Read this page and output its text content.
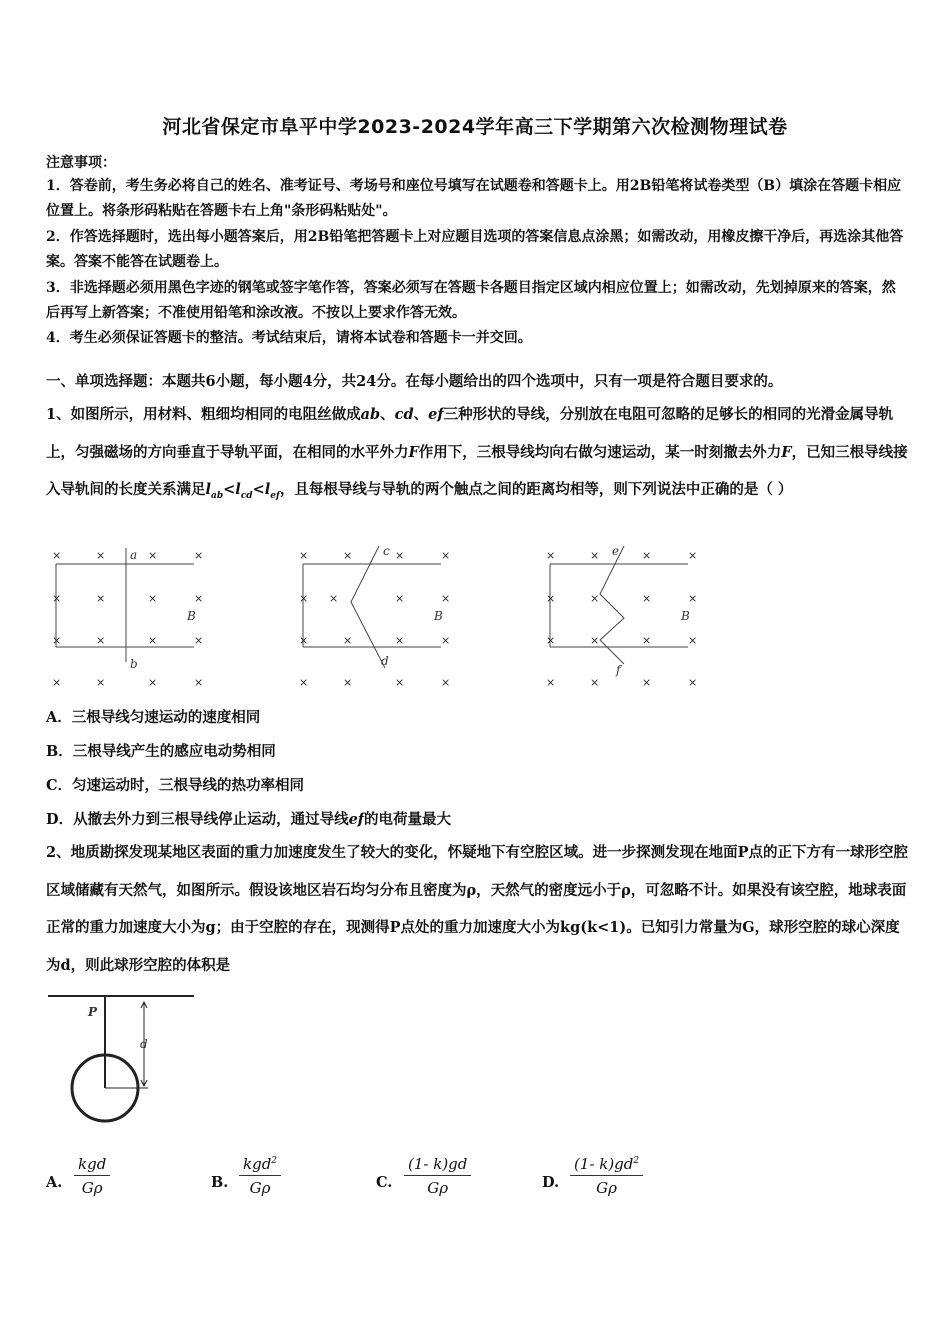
河北省保定市阜平中学2023-2024学年高三下学期第六次检测物理试卷
注意事项：

1．答卷前，考生务必将自己的姓名、准考证号、考场号和座位号填写在试题卷和答题卡上。用2B铅笔将试卷类型（B）填涂在答题卡相应位置上。将条形码粘贴在答题卡右上角"条形码粘贴处"。

2．作答选择题时，选出每小题答案后，用2B铅笔把答题卡上对应题目选项的答案信息点涂黑；如需改动，用橡皮擦干净后，再选涂其他答案。答案不能答在试题卷上。

3．非选择题必须用黑色字迹的钢笔或签字笔作答，答案必须写在答题卡各题目指定区域内相应位置上；如需改动，先划掉原来的答案，然后再写上新答案；不准使用铅笔和涂改液。不按以上要求作答无效。

4．考生必须保证答题卡的整洁。考试结束后，请将本试卷和答题卡一并交回。

一、单项选择题：本题共6小题，每小题4分，共24分。在每小题给出的四个选项中，只有一项是符合题目要求的。
1、如图所示，用材料、粗细均相同的电阻丝做成ab、cd、ef三种形状的导线，分别放在电阻可忽略的足够长的相同的光滑金属导轨上，匀强磁场的方向垂直于导轨平面，在相同的水平外力F作用下，三根导线均向右做匀速运动，某一时刻撤去外力F，已知三根导线接入导轨间的长度关系满足$l_{ab}<l_{cd}<l_{ef}$，且每根导线与导轨的两个触点之间的距离均相等，则下列说法中正确的是（ ）
×	×	×	×
×	×	×	×
×	×	×	×
×	×	×	×
a
b
B
×	×	×	×
× ×	×	×
×	×	×	×
×	×	×	×
c
d
B
×	×	×	×
×	×	×	×
×	×	×	×
×	×	×	×
e
f
B
A．三根导线匀速运动的速度相同
B．三根导线产生的感应电动势相同
C．匀速运动时，三根导线的热功率相同
D．从撤去外力到三根导线停止运动，通过导线ef的电荷量最大
2、地质勘探发现某地区表面的重力加速度发生了较大的变化，怀疑地下有空腔区域。进一步探测发现在地面P点的正下方有一球形空腔区域储藏有天然气，如图所示。假设该地区岩石均匀分布且密度为ρ，天然气的密度远小于ρ，可忽略不计。如果没有该空腔，地球表面正常的重力加速度大小为g；由于空腔的存在，现测得P点处的重力加速度大小为kg(k<1)。已知引力常量为G，球形空腔的球心深度为d，则此球形空腔的体积是
P
d
A.
kgd
Gρ	B.
kgd$^2$
Gρ	C. $\frac{(1- k)gd}{G\rho}$	D. $\frac{(1- k)gd^2}{G\rho}$
